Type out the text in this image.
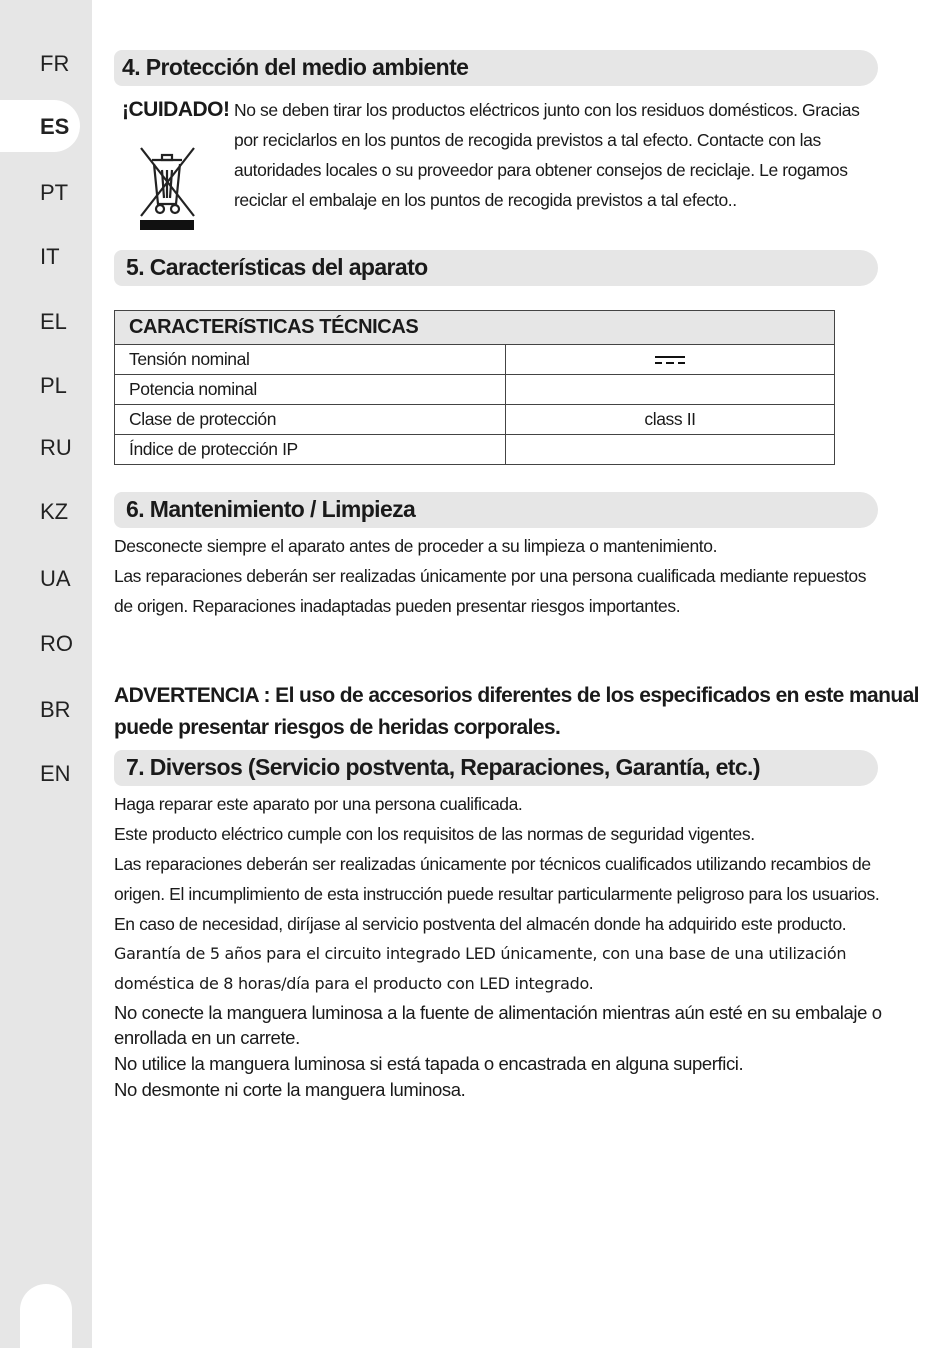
FR
ES
PT
IT
EL
PL
RU
KZ
UA
RO
BR
EN
4. Protección del medio ambiente
¡CUIDADO! No se deben tirar los productos eléctricos junto con los residuos domésticos. Gracias
por reciclarlos en los puntos de recogida previstos a tal efecto. Contacte con las
autoridades locales o su proveedor para obtener consejos de reciclaje. Le rogamos
reciclar el embalaje en los puntos de recogida previstos a tal efecto..
5. Características del aparato
CARACTERíSTICAS TÉCNICAS	
Tensión nominal	
Potencia nominal	
Clase de protección	class II
Índice de protección IP	
6. Mantenimiento / Limpieza
Desconecte siempre el aparato antes de proceder a su limpieza o mantenimiento.
Las reparaciones deberán ser realizadas únicamente por una persona cualificada mediante repuestos
de origen. Reparaciones inadaptadas pueden presentar riesgos importantes.
ADVERTENCIA : El uso de accesorios diferentes de los especificados en este manual
puede presentar riesgos de heridas corporales.
7. Diversos (Servicio postventa, Reparaciones, Garantía, etc.)
Haga reparar este aparato por una persona cualificada.
Este producto eléctrico cumple con los requisitos de las normas de seguridad vigentes.
Las reparaciones deberán ser realizadas únicamente por técnicos cualificados utilizando recambios de
origen. El incumplimiento de esta instrucción puede resultar particularmente peligroso para los usuarios.
En caso de necesidad, diríjase al servicio postventa del almacén donde ha adquirido este producto.
Garantía de 5 años para el circuito integrado LED únicamente, con una base de una utilización
doméstica de 8 horas/día para el producto con LED integrado.
No conecte la manguera luminosa a la fuente de alimentación mientras aún esté en su embalaje o
enrollada en un carrete.
No utilice la manguera luminosa si está tapada o encastrada en alguna superfici.
No desmonte ni corte la manguera luminosa.
